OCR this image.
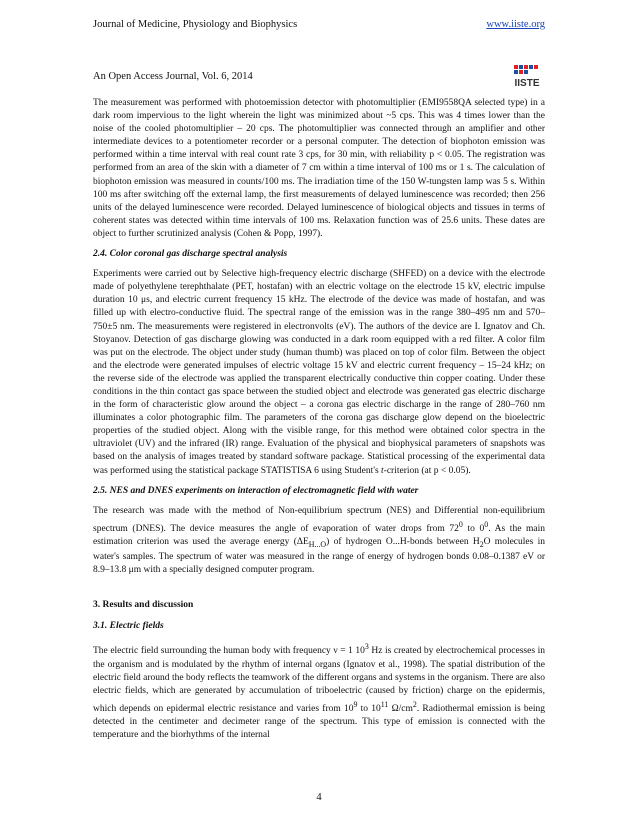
Journal of Medicine, Physiology and Biophysics	www.iiste.org
An Open Access Journal, Vol. 6, 2014
IISTE

The measurement was performed with photoemission detector with photomultiplier (EMI9558QA selected type) in a dark room impervious to the light wherein the light was minimized about ~5 cps. This was 4 times lower than the noise of the cooled photomultiplier – 20 cps. The photomultiplier was connected through an amplifier and other intermediate devices to a potentiometer recorder or a personal computer. The detection of biophoton emission was performed within a time interval with real count rate 3 cps, for 30 min, with reliability p < 0.05. The registration was performed from an area of the skin with a diameter of 7 cm within a time interval of 100 ms or 1 s. The calculation of biophoton emission was measured in counts/100 ms. The irradiation time of the 150 W-tungsten lamp was 5 s. Within 100 ms after switching off the external lamp, the first measurements of delayed luminescence was recorded; then 256 units of the delayed luminescence were recorded. Delayed luminescence of biological objects and tissues in terms of coherent states was detected within time intervals of 100 ms. Relaxation function was of 25.6 units. These dates are object to further scrutinized analysis (Cohen & Popp, 1997).

2.4. Color coronal gas discharge spectral analysis

Experiments were carried out by Selective high-frequency electric discharge (SHFED) on a device with the electrode made of polyethylene terephthalate (PET, hostafan) with an electric voltage on the electrode 15 kV, electric impulse duration 10 μs, and electric current frequency 15 kHz. The electrode of the device was made of hostafan, and was filled up with electro-conductive fluid. The spectral range of the emission was in the range 380–495 nm and 570–750±5 nm. The measurements were registered in electronvolts (eV). The authors of the device are I. Ignatov and Ch. Stoyanov. Detection of gas discharge glowing was conducted in a dark room equipped with a red filter. A color film was put on the electrode. The object under study (human thumb) was placed on top of color film. Between the object and the electrode were generated impulses of electric voltage 15 kV and electric current frequency – 15–24 kHz; on the reverse side of the electrode was applied the transparent electrically conductive thin copper coating. Under these conditions in the thin contact gas space between the studied object and electrode was generated gas electric discharge in the form of characteristic glow around the object – a corona gas electric discharge in the range of 280–760 nm illuminates a color photographic film. The parameters of the corona gas discharge glow depend on the bioelectric properties of the studied object. Along with the visible range, for this method were obtained color spectra in the ultraviolet (UV) and the infrared (IR) range. Evaluation of the physical and biophysical parameters of snapshots was based on the analysis of images treated by standard software package. Statistical processing of the experimental data was performed using the statistical package STATISTISA 6 using Student's t-criterion (at p < 0.05).

2.5. NES and DNES experiments on interaction of electromagnetic field with water

The research was made with the method of Non-equilibrium spectrum (NES) and Differential non-equilibrium spectrum (DNES). The device measures the angle of evaporation of water drops from $72^0$ to $0^0$. As the main estimation criterion was used the average energy $(\Delta E_{H...O})$ of hydrogen O...H-bonds between $H_2O$ molecules in water's samples. The spectrum of water was measured in the range of energy of hydrogen bonds 0.08–0.1387 eV or 8.9–13.8 μm with a specially designed computer program.

3. Results and discussion
3.1. Electric fields

The electric field surrounding the human body with frequency ν = 1 $10^3$ Hz is created by electrochemical processes in the organism and is modulated by the rhythm of internal organs (Ignatov et al., 1998). The spatial distribution of the electric field around the body reflects the teamwork of the different organs and systems in the organism. There are also electric fields, which are generated by accumulation of triboelectric (caused by friction) charge on the epidermis, which depends on epidermal electric resistance and varies from $10^9$ to $10^{11}$ $\Omega/cm^2$. Radiothermal emission is being detected in the centimeter and decimeter range of the spectrum. This type of emission is connected with the temperature and the biorhythms of the internal

4
